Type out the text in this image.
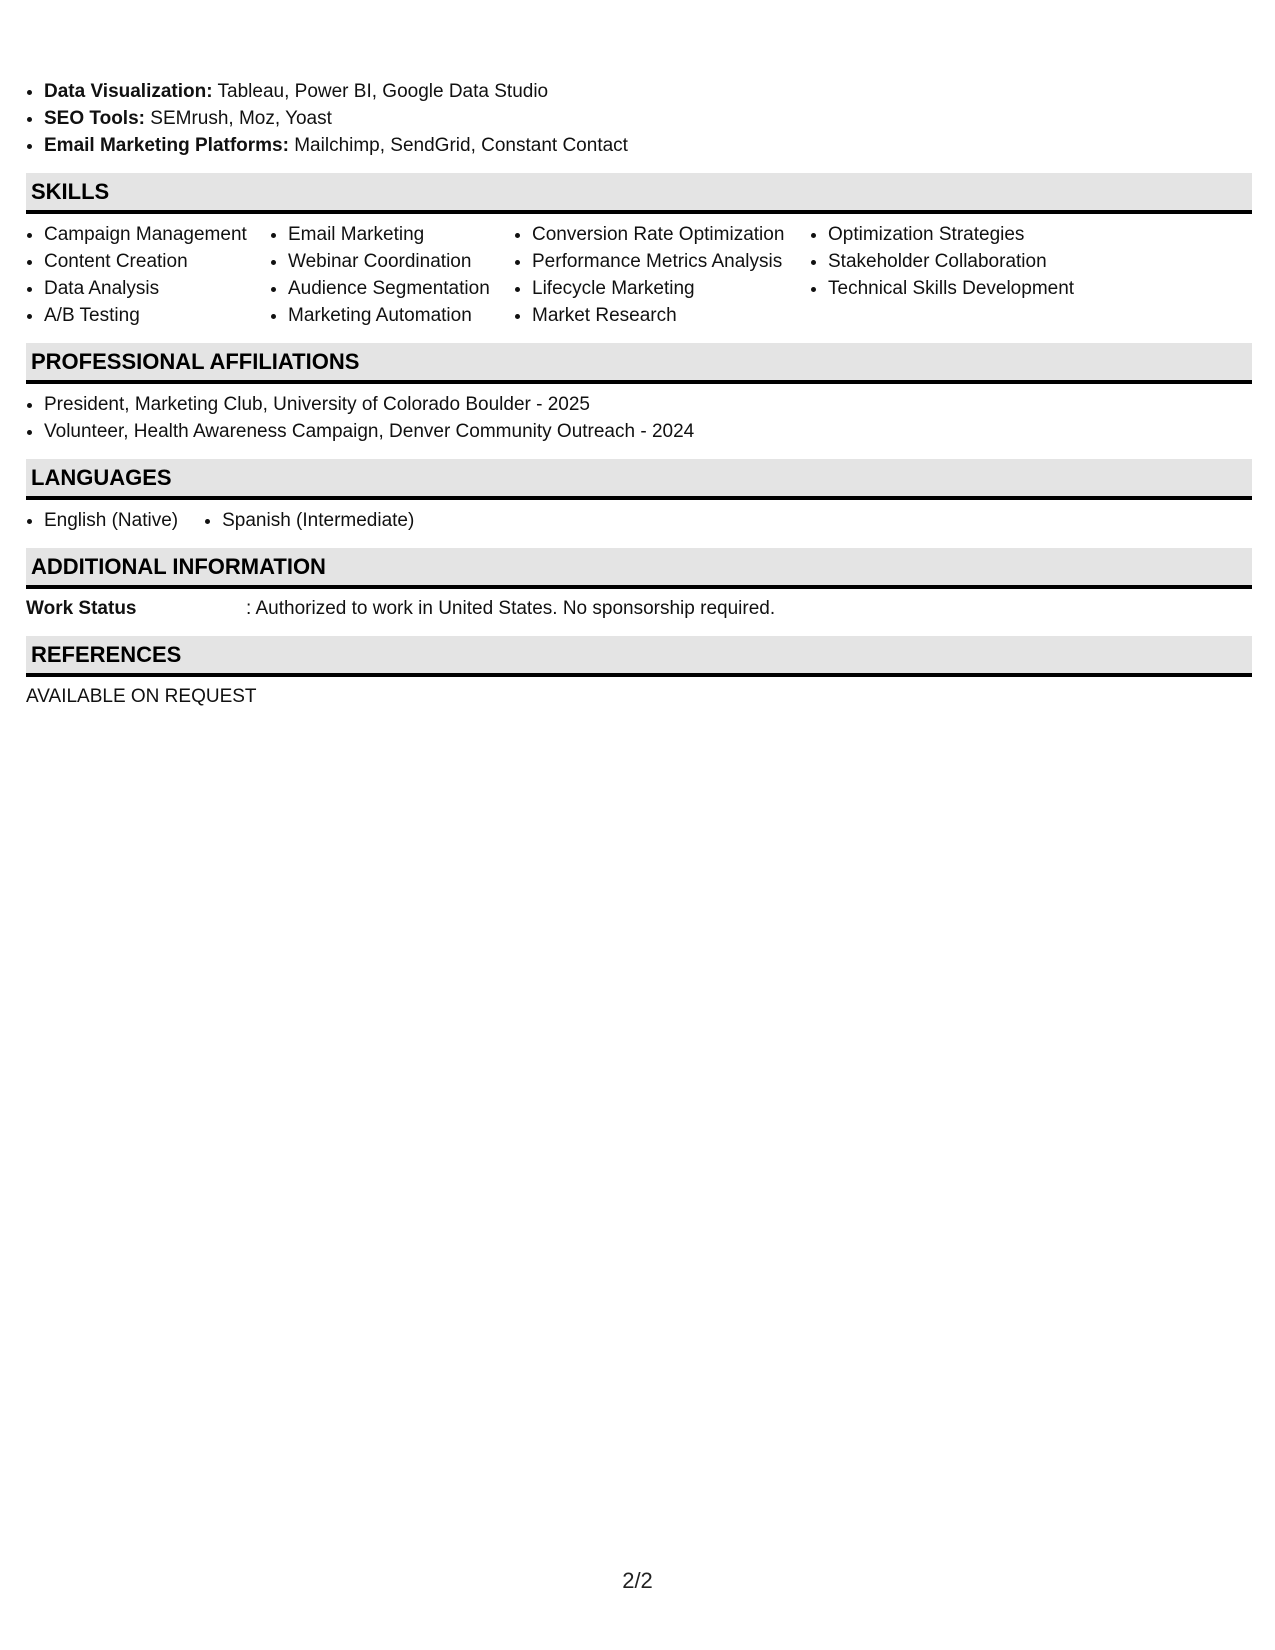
• Data Visualization: Tableau, Power BI, Google Data Studio
• SEO Tools: SEMrush, Moz, Yoast
• Email Marketing Platforms: Mailchimp, SendGrid, Constant Contact
SKILLS
• Campaign Management
• Content Creation
• Data Analysis
• A/B Testing
• Email Marketing
• Webinar Coordination
• Audience Segmentation
• Marketing Automation
• Conversion Rate Optimization
• Performance Metrics Analysis
• Lifecycle Marketing
• Market Research
• Optimization Strategies
• Stakeholder Collaboration
• Technical Skills Development
PROFESSIONAL AFFILIATIONS
• President, Marketing Club, University of Colorado Boulder - 2025
• Volunteer, Health Awareness Campaign, Denver Community Outreach - 2024
LANGUAGES
• English (Native)
• Spanish (Intermediate)
ADDITIONAL INFORMATION
Work Status	: Authorized to work in United States. No sponsorship required.
REFERENCES
AVAILABLE ON REQUEST
2/2
